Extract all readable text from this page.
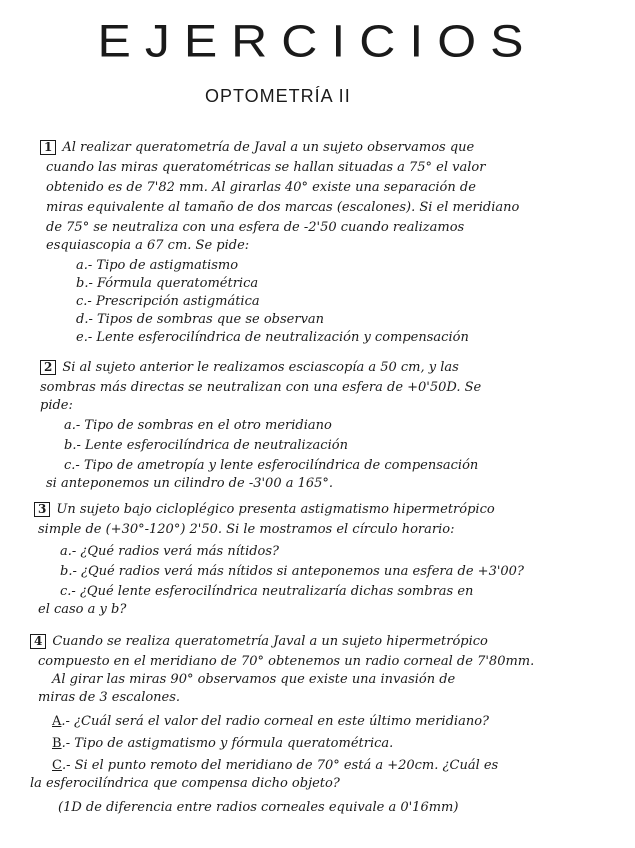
EJERCICIOS
OPTOMETRÍA II
1 Al realizar queratometría de Javal a un sujeto observamos que
cuando las miras queratométricas se hallan situadas a 75° el valor
obtenido es de 7'82 mm. Al girarlas 40° existe una separación de
miras equivalente al tamaño de dos marcas (escalones). Si el meridiano
de 75° se neutraliza con una esfera de -2'50 cuando realizamos
esquiascopia a 67 cm. Se pide:
a.- Tipo de astigmatismo
b.- Fórmula queratométrica
c.- Prescripción astigmática
d.- Tipos de sombras que se observan
e.- Lente esferocilíndrica de neutralización y compensación
2 Si al sujeto anterior le realizamos esciascopía a 50 cm, y las
sombras más directas se neutralizan con una esfera de +0'50D. Se
pide:
a.- Tipo de sombras en el otro meridiano
b.- Lente esferocilíndrica de neutralización
c.- Tipo de ametropía y lente esferocilíndrica de compensación
si anteponemos un cilindro de -3'00 a 165°.
3 Un sujeto bajo cicloplégico presenta astigmatismo hipermetrópico
simple de (+30°-120°) 2'50. Si le mostramos el círculo horario:
a.- ¿Qué radios verá más nítidos?
b.- ¿Qué radios verá más nítidos si anteponemos una esfera de +3'00?
c.- ¿Qué lente esferocilíndrica neutralizaría dichas sombras en
el caso a y b?
4 Cuando se realiza queratometría Javal a un sujeto hipermetrópico
compuesto en el meridiano de 70° obtenemos un radio corneal de 7'80mm.
Al girar las miras 90° observamos que existe una invasión de
miras de 3 escalones.
A.- ¿Cuál será el valor del radio corneal en este último meridiano?
B.- Tipo de astigmatismo y fórmula queratométrica.
C.- Si el punto remoto del meridiano de 70° está a +20cm. ¿Cuál es
la esferocilíndrica que compensa dicho objeto?
(1D de diferencia entre radios corneales equivale a 0'16mm)
